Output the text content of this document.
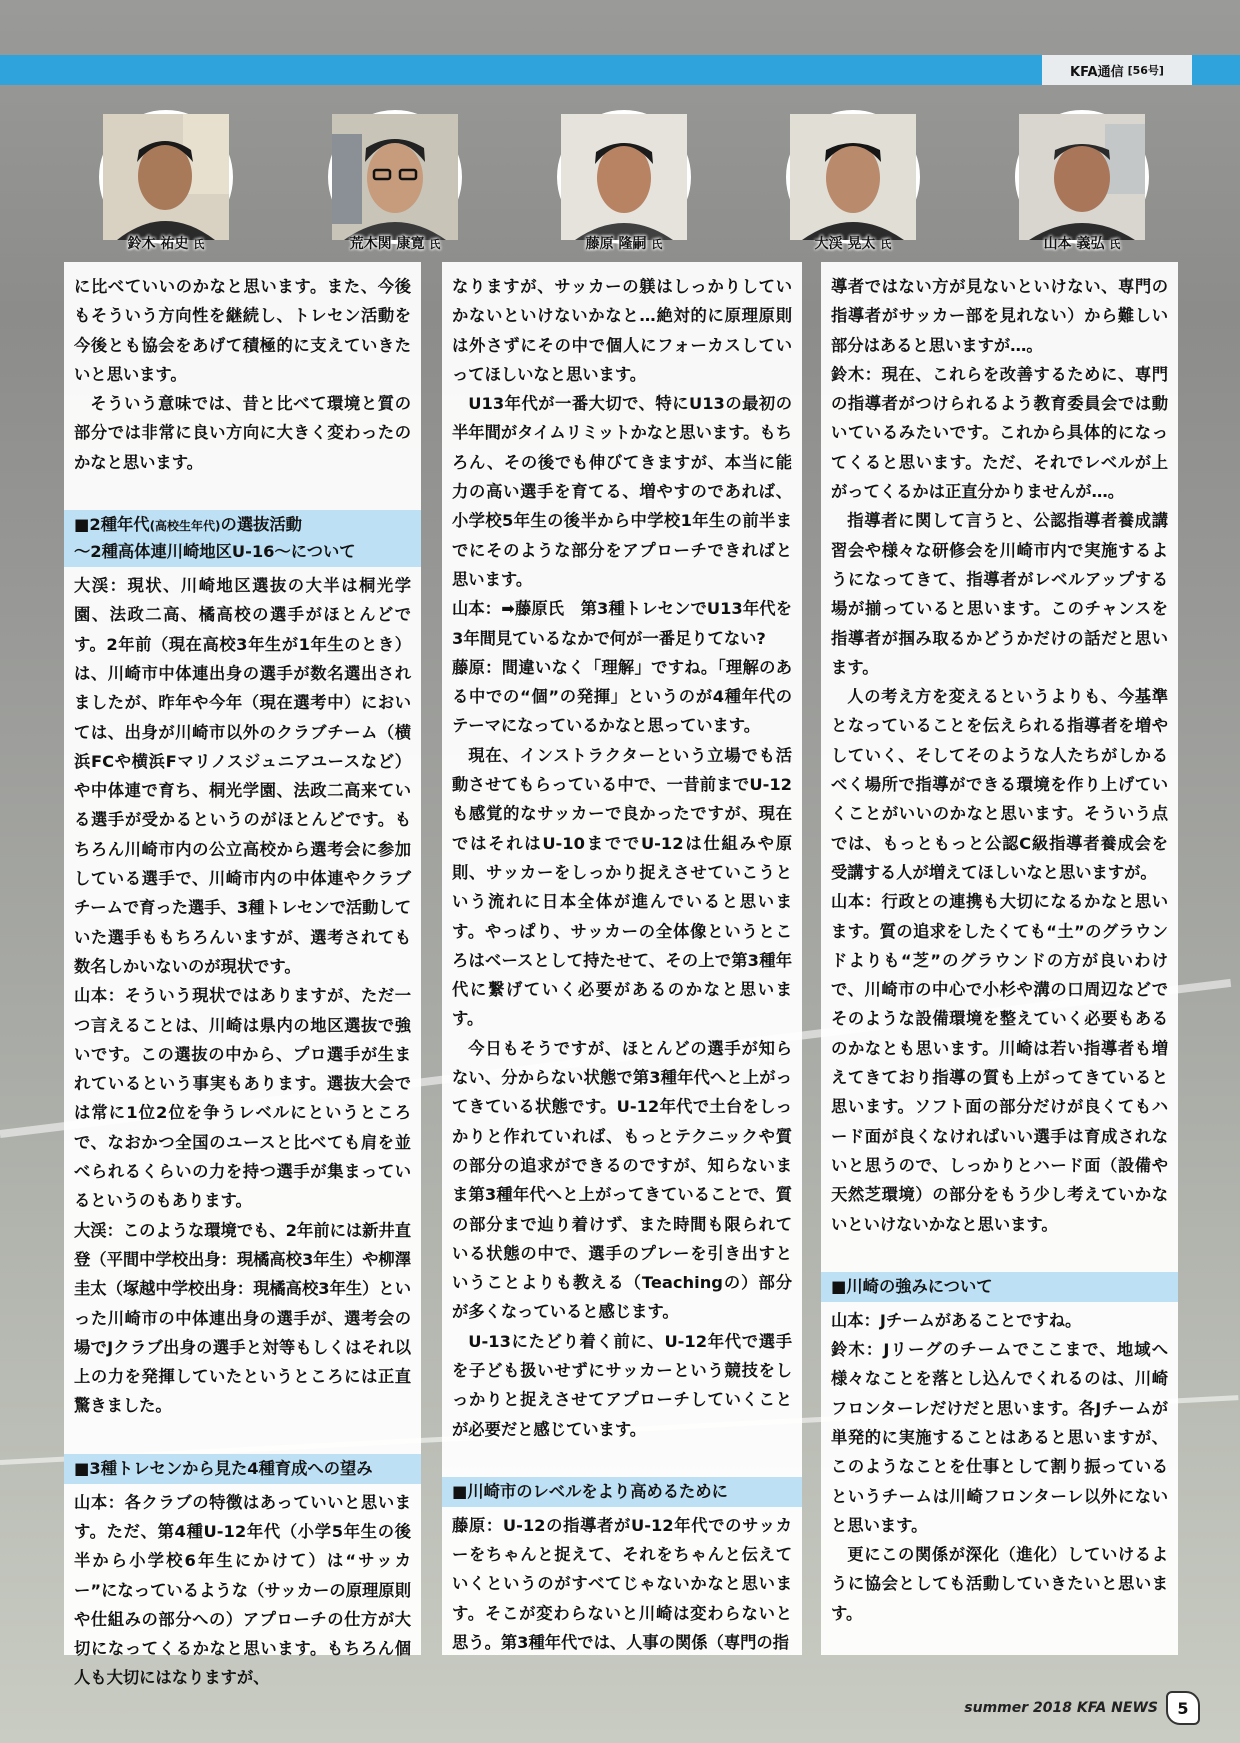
KFA通信 [56号]
鈴木 祐史 氏	荒木関 康寛 氏	藤原 隆嗣 氏	大渓 晃太 氏	山本 義弘 氏

に比べていいのかなと思います。また、今後もそういう方向性を継続し、トレセン活動を今後とも協会をあげて積極的に支えていきたいと思います。

そういう意味では、昔と比べて環境と質の部分では非常に良い方向に大きく変わったのかなと思います。

■2種年代(高校生年代)の選抜活動
～2種高体連川崎地区U-16～について

大渓：現状、川崎地区選抜の大半は桐光学園、法政二高、橘高校の選手がほとんどです。2年前（現在高校3年生が1年生のとき）は、川崎市中体連出身の選手が数名選出されましたが、昨年や今年（現在選考中）においては、出身が川崎市以外のクラブチーム（横浜FCや横浜Fマリノスジュニアユースなど）や中体連で育ち、桐光学園、法政二高来ている選手が受かるというのがほとんどです。もちろん川崎市内の公立高校から選考会に参加している選手で、川崎市内の中体連やクラブチームで育った選手、3種トレセンで活動していた選手ももちろんいますが、選考されても数名しかいないのが現状です。

山本：そういう現状ではありますが、ただ一つ言えることは、川崎は県内の地区選抜で強いです。この選抜の中から、プロ選手が生まれているという事実もあります。選抜大会では常に1位2位を争うレベルにというところで、なおかつ全国のユースと比べても肩を並べられるくらいの力を持つ選手が集まっているというのもあります。

大渓：このような環境でも、2年前には新井直登（平間中学校出身：現橘高校3年生）や柳澤圭太（塚越中学校出身：現橘高校3年生）といった川崎市の中体連出身の選手が、選考会の場でJクラブ出身の選手と対等もしくはそれ以上の力を発揮していたというところには正直驚きました。

■3種トレセンから見た4種育成への望み

山本：各クラブの特徴はあっていいと思います。ただ、第4種U-12年代（小学5年生の後半から小学校6年生にかけて）は“サッカー”になっているような（サッカーの原理原則や仕組みの部分への）アプローチの仕方が大切になってくるかなと思います。もちろん個人も大切にはなりますが、

なりますが、サッカーの躾はしっかりしていかないといけないかなと…絶対的に原理原則は外さずにその中で個人にフォーカスしていってほしいなと思います。

U13年代が一番大切で、特にU13の最初の半年間がタイムリミットかなと思います。もちろん、その後でも伸びてきますが、本当に能力の高い選手を育てる、増やすのであれば、小学校5年生の後半から中学校1年生の前半までにそのような部分をアプローチできればと思います。

山本：➡藤原氏　第3種トレセンでU13年代を3年間見ているなかで何が一番足りてない?

藤原：間違いなく「理解」ですね。「理解のある中での“個”の発揮」というのが4種年代のテーマになっているかなと思っています。

現在、インストラクターという立場でも活動させてもらっている中で、一昔前までU-12も感覚的なサッカーで良かったですが、現在ではそれはU-10まででU-12は仕組みや原則、サッカーをしっかり捉えさせていこうという流れに日本全体が進んでいると思います。やっぱり、サッカーの全体像というところはベースとして持たせて、その上で第3種年代に繋げていく必要があるのかなと思います。

今日もそうですが、ほとんどの選手が知らない、分からない状態で第3種年代へと上がってきている状態です。U-12年代で土台をしっかりと作れていれば、もっとテクニックや質の部分の追求ができるのですが、知らないまま第3種年代へと上がってきていることで、質の部分まで辿り着けず、また時間も限られている状態の中で、選手のプレーを引き出すということよりも教える（Teachingの）部分が多くなっていると感じます。

U-13にたどり着く前に、U-12年代で選手を子ども扱いせずにサッカーという競技をしっかりと捉えさせてアプローチしていくことが必要だと感じています。

■川崎市のレベルをより高めるために

藤原：U-12の指導者がU-12年代でのサッカーをちゃんと捉えて、それをちゃんと伝えていくというのがすべてじゃないかなと思います。そこが変わらないと川崎は変わらないと思う。第3種年代では、人事の関係（専門の指

導者ではない方が見ないといけない、専門の指導者がサッカー部を見れない）から難しい部分はあると思いますが…。

鈴木：現在、これらを改善するために、専門の指導者がつけられるよう教育委員会では動いているみたいです。これから具体的になってくると思います。ただ、それでレベルが上がってくるかは正直分かりませんが…。

指導者に関して言うと、公認指導者養成講習会や様々な研修会を川崎市内で実施するようになってきて、指導者がレベルアップする場が揃っていると思います。このチャンスを指導者が掴み取るかどうかだけの話だと思います。

人の考え方を変えるというよりも、今基準となっていることを伝えられる指導者を増やしていく、そしてそのような人たちがしかるべく場所で指導ができる環境を作り上げていくことがいいのかなと思います。そういう点では、もっともっと公認C級指導者養成会を受講する人が増えてほしいなと思いますが。

山本：行政との連携も大切になるかなと思います。質の追求をしたくても“土”のグラウンドよりも“芝”のグラウンドの方が良いわけで、川崎市の中心で小杉や溝の口周辺などでそのような設備環境を整えていく必要もあるのかなとも思います。川崎は若い指導者も増えてきており指導の質も上がってきていると思います。ソフト面の部分だけが良くてもハード面が良くなければいい選手は育成されないと思うので、しっかりとハード面（設備や天然芝環境）の部分をもう少し考えていかないといけないかなと思います。

■川崎の強みについて

山本：Jチームがあることですね。

鈴木：Jリーグのチームでここまで、地域へ様々なことを落とし込んでくれるのは、川崎フロンターレだけだと思います。各Jチームが単発的に実施することはあると思いますが、このようなことを仕事として割り振っているというチームは川崎フロンターレ以外にないと思います。

更にこの関係が深化（進化）していけるように協会としても活動していきたいと思います。

summer 2018 KFA NEWS	5
